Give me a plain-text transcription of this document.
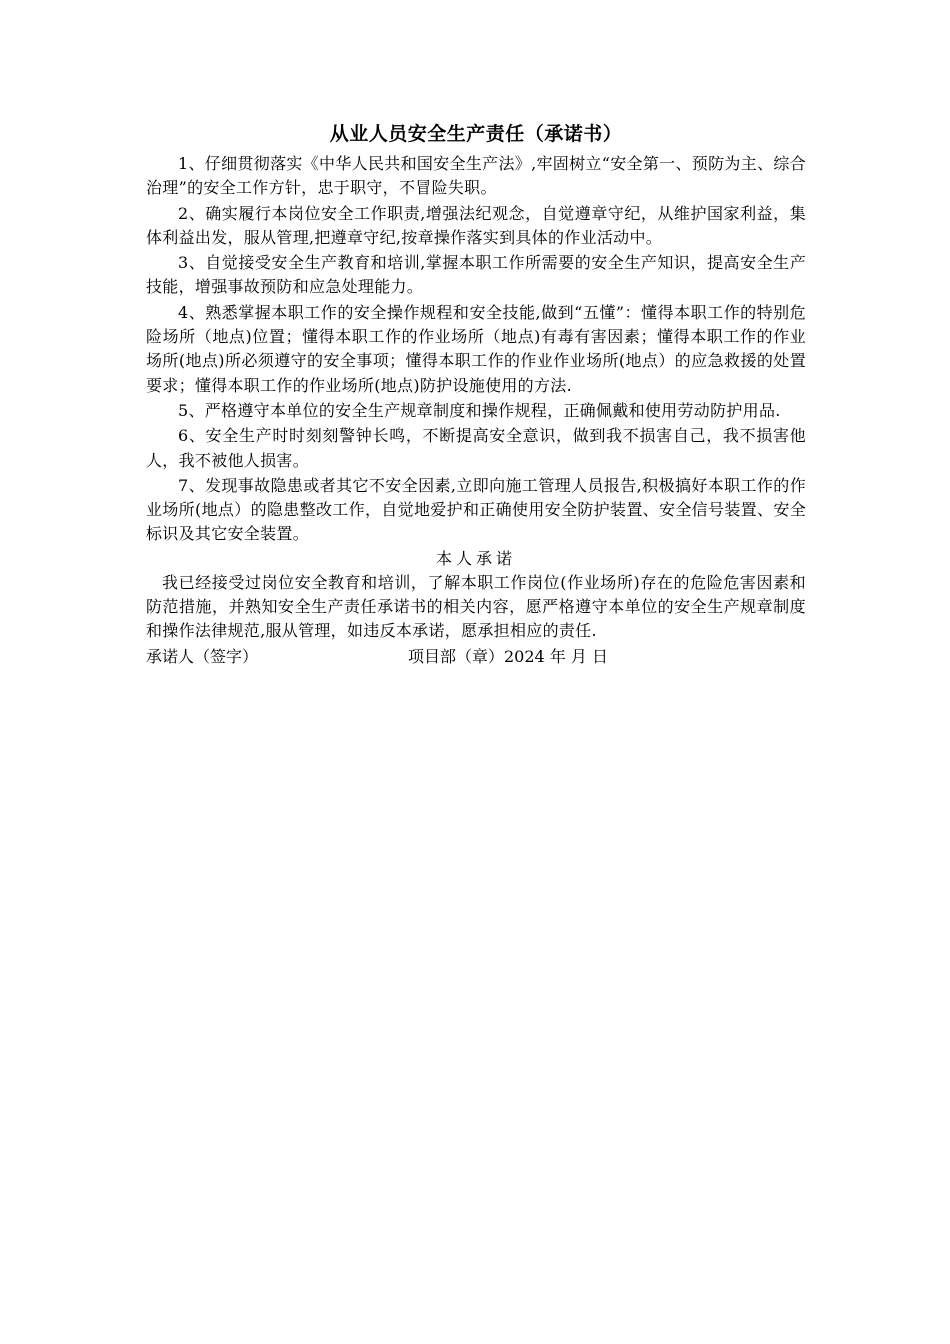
从业人员安全生产责任（承诺书）

1、仔细贯彻落实《中华人民共和国安全生产法》,牢固树立“安全第一、预防为主、综合治理”的安全工作方针，忠于职守，不冒险失职。

2、确实履行本岗位安全工作职责,增强法纪观念，自觉遵章守纪，从维护国家利益，集体利益出发，服从管理,把遵章守纪,按章操作落实到具体的作业活动中。

3、自觉接受安全生产教育和培训,掌握本职工作所需要的安全生产知识，提高安全生产技能，增强事故预防和应急处理能力。

4、熟悉掌握本职工作的安全操作规程和安全技能,做到“五懂”：懂得本职工作的特别危险场所（地点)位置；懂得本职工作的作业场所（地点)有毒有害因素；懂得本职工作的作业场所(地点)所必须遵守的安全事项；懂得本职工作的作业作业场所(地点）的应急救援的处置要求；懂得本职工作的作业场所(地点)防护设施使用的方法.

5、严格遵守本单位的安全生产规章制度和操作规程，正确佩戴和使用劳动防护用品.

6、安全生产时时刻刻警钟长鸣，不断提高安全意识，做到我不损害自己，我不损害他人，我不被他人损害。

7、发现事故隐患或者其它不安全因素,立即向施工管理人员报告,积极搞好本职工作的作业场所(地点）的隐患整改工作，自觉地爱护和正确使用安全防护装置、安全信号装置、安全标识及其它安全装置。

本人承诺

我已经接受过岗位安全教育和培训，了解本职工作岗位(作业场所)存在的危险危害因素和防范措施，并熟知安全生产责任承诺书的相关内容，愿严格遵守本单位的安全生产规章制度和操作法律规范,服从管理，如违反本承诺，愿承担相应的责任.

承诺人（签字）	项目部（章）2024 年 月 日
